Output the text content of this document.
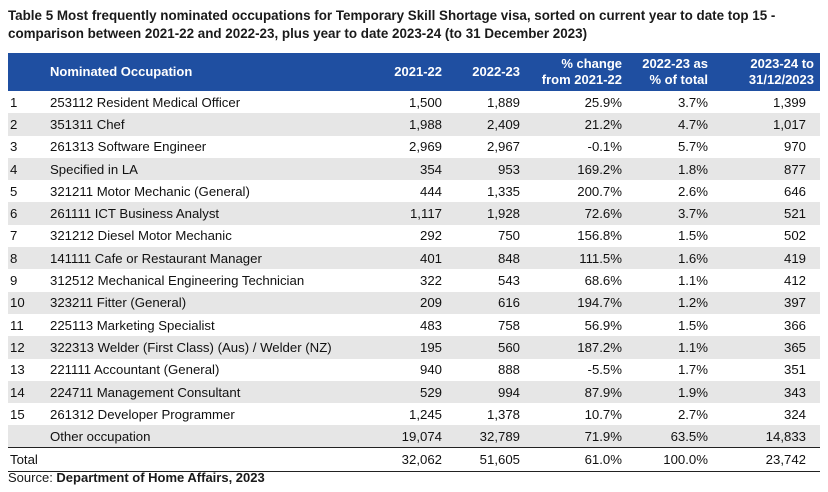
Table 5 Most frequently nominated occupations for Temporary Skill Shortage visa, sorted on current year to date top 15 - comparison between 2021-22 and 2022-23, plus year to date 2023-24 (to 31 December 2023)
	Nominated Occupation	2021-22	2022-23	% change from 2021-22	2022-23 as % of total	2023-24 to 31/12/2023
1	253112 Resident Medical Officer	1,500	1,889	25.9%	3.7%	1,399
2	351311 Chef	1,988	2,409	21.2%	4.7%	1,017
3	261313 Software Engineer	2,969	2,967	-0.1%	5.7%	970
4	Specified in LA	354	953	169.2%	1.8%	877
5	321211 Motor Mechanic (General)	444	1,335	200.7%	2.6%	646
6	261111 ICT Business Analyst	1,117	1,928	72.6%	3.7%	521
7	321212 Diesel Motor Mechanic	292	750	156.8%	1.5%	502
8	141111 Cafe or Restaurant Manager	401	848	111.5%	1.6%	419
9	312512 Mechanical Engineering Technician	322	543	68.6%	1.1%	412
10	323211 Fitter (General)	209	616	194.7%	1.2%	397
11	225113 Marketing Specialist	483	758	56.9%	1.5%	366
12	322313 Welder (First Class) (Aus) / Welder (NZ)	195	560	187.2%	1.1%	365
13	221111 Accountant (General)	940	888	-5.5%	1.7%	351
14	224711 Management Consultant	529	994	87.9%	1.9%	343
15	261312 Developer Programmer	1,245	1,378	10.7%	2.7%	324
	Other occupation	19,074	32,789	71.9%	63.5%	14,833
Total		32,062	51,605	61.0%	100.0%	23,742
Source: Department of Home Affairs, 2023
